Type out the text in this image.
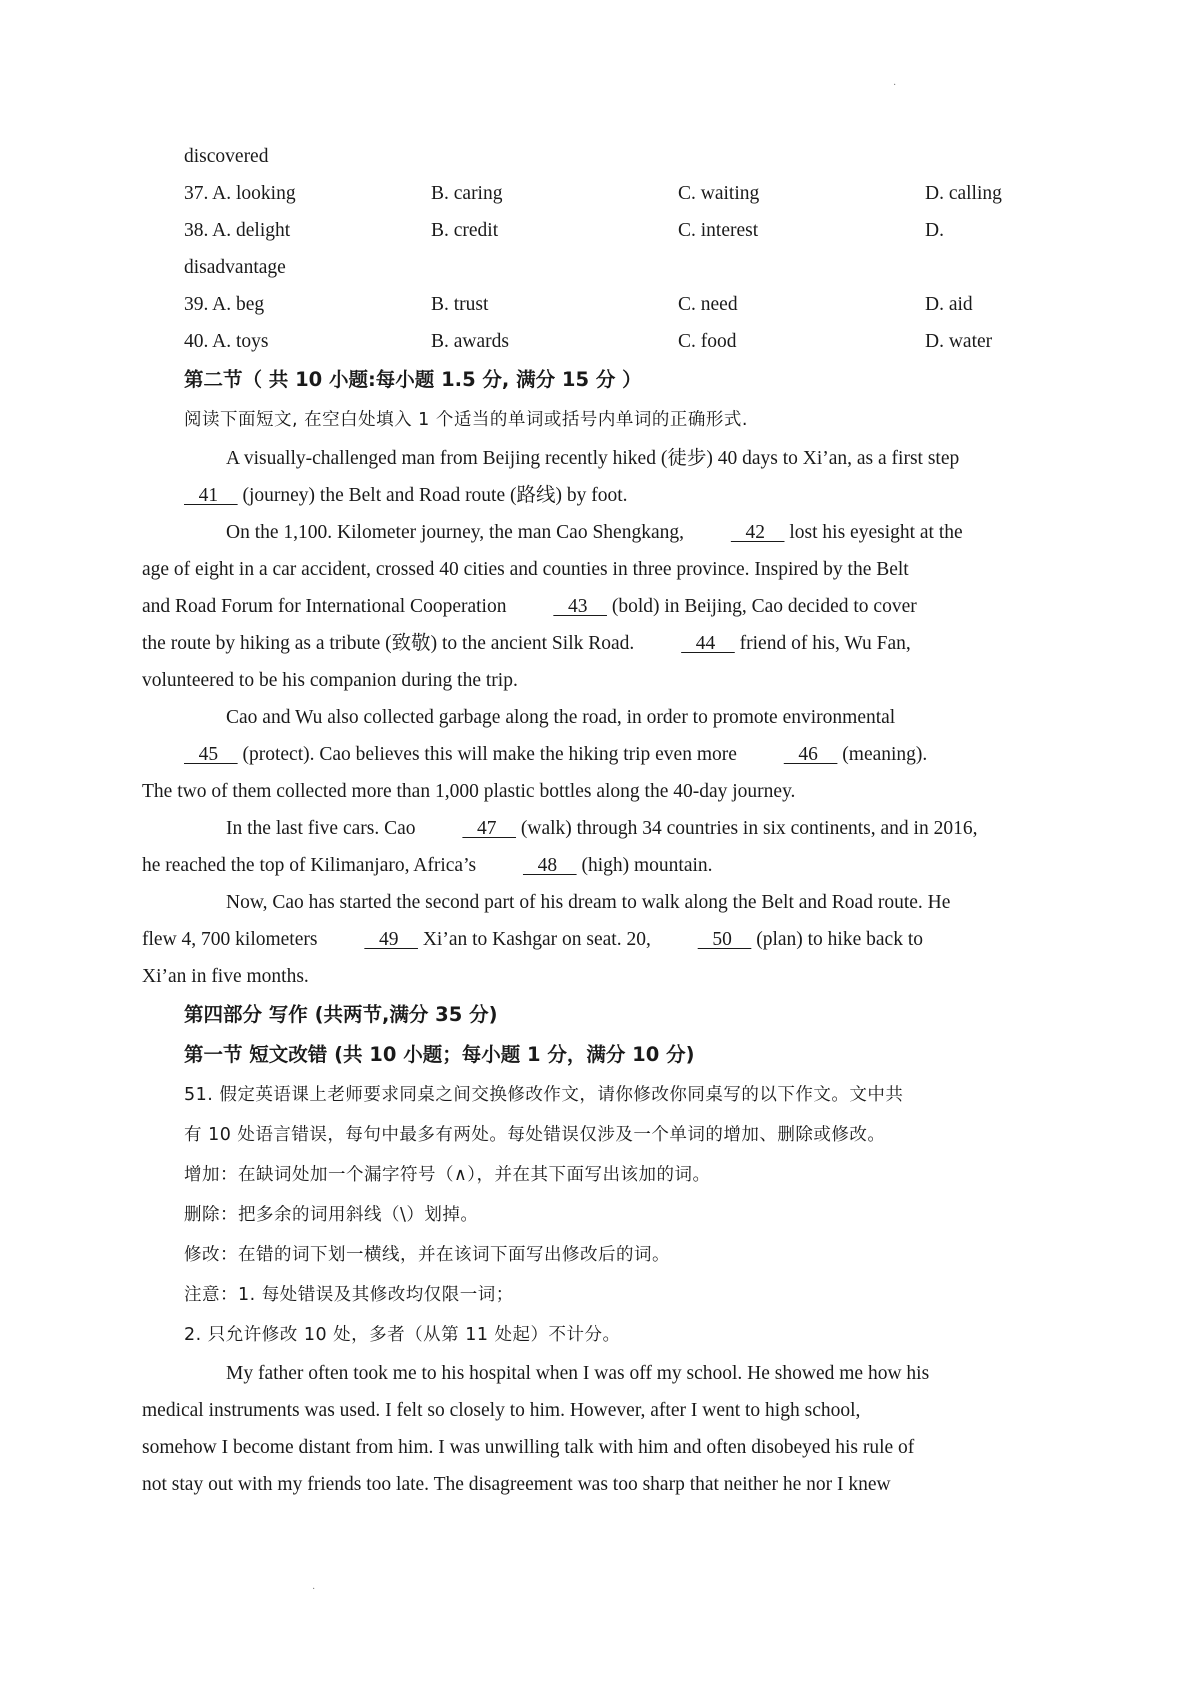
·
·
discovered
37. A. looking	B. caring	C. waiting	D. calling
38. A. delight	B. credit	C. interest	D.
disadvantage
39. A. beg	B. trust	C. need	D. aid
40. A. toys	B. awards	C. food	D. water
第二节（ 共 10 小题:每小题 1.5 分, 满分 15 分 ）
阅读下面短文, 在空白处填入 1 个适当的单词或括号内单词的正确形式.
A visually-challenged man from Beijing recently hiked (徒步) 40 days to Xi’an, as a first step
41     (journey) the Belt and Road route (路线) by foot.
On the 1,100. Kilometer journey, the man Cao Shengkang,    42     lost his eyesight at the
age of eight in a car accident, crossed 40 cities and counties in three province. Inspired by the Belt
and Road Forum for International Cooperation    43     (bold) in Beijing, Cao decided to cover
the route by hiking as a tribute (致敬) to the ancient Silk Road.    44     friend of his, Wu Fan,
volunteered to be his companion during the trip.
Cao and Wu also collected garbage along the road, in order to promote environmental
45     (protect). Cao believes this will make the hiking trip even more    46     (meaning).
The two of them collected more than 1,000 plastic bottles along the 40-day journey.
In the last five cars. Cao    47     (walk) through 34 countries in six continents, and in 2016,
he reached the top of Kilimanjaro, Africa’s    48     (high) mountain.
Now, Cao has started the second part of his dream to walk along the Belt and Road route. He
flew 4, 700 kilometers    49     Xi’an to Kashgar on seat. 20,    50     (plan) to hike back to
Xi’an in five months.
第四部分 写作 (共两节,满分 35 分)
第一节 短文改错 (共 10 小题；每小题 1 分，满分 10 分)
51. 假定英语课上老师要求同桌之间交换修改作文，请你修改你同桌写的以下作文。文中共
有 10 处语言错误，每句中最多有两处。每处错误仅涉及一个单词的增加、删除或修改。
增加：在缺词处加一个漏字符号（∧），并在其下面写出该加的词。
删除：把多余的词用斜线（\）划掉。
修改：在错的词下划一横线，并在该词下面写出修改后的词。
注意：1. 每处错误及其修改均仅限一词；
2. 只允许修改 10 处，多者（从第 11 处起）不计分。
My father often took me to his hospital when I was off my school. He showed me how his
medical instruments was used. I felt so closely to him. However, after I went to high school,
somehow I become distant from him. I was unwilling talk with him and often disobeyed his rule of
not stay out with my friends too late. The disagreement was too sharp that neither he nor I knew
